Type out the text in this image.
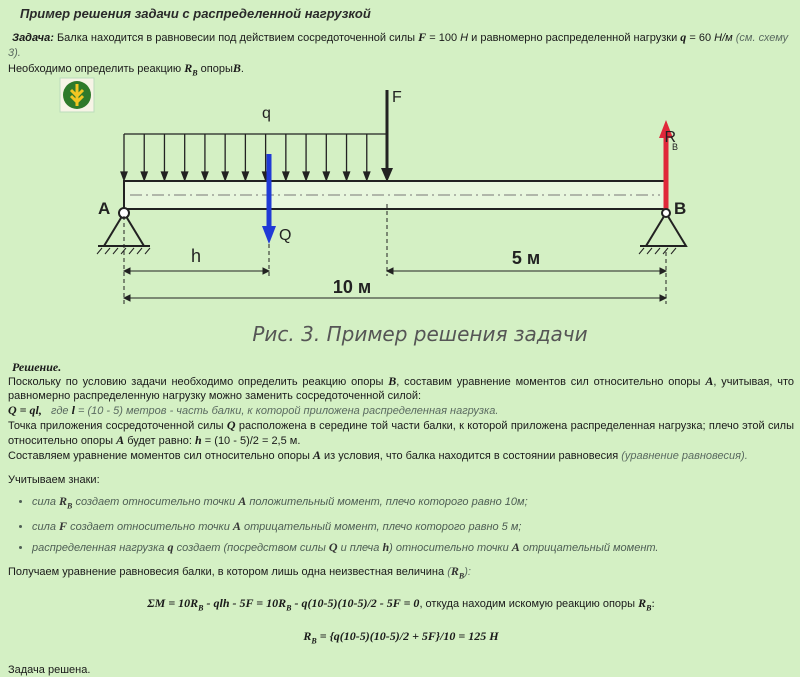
Пример решения задачи с распределенной нагрузкой
Задача: Балка находится в равновесии под действием сосредоточенной силы F = 100 Н и равномерно распределенной нагрузки q = 60 Н/м (см. схему 3).
Необходимо определить реакцию $R_B$ опорыB.
q
F
Q
R
B
A	B
h	5 м
10 м
Рис. 3. Пример решения задачи
Решение.
Поскольку по условию задачи необходимо определить реакцию опоры B, составим уравнение моментов сил относительно опоры A, учитывая, что равномерно распределенную нагрузку можно заменить сосредоточенной силой:
Q = ql, где l = (10 - 5) метров - часть балки, к которой приложена распределенная нагрузка.
Точка приложения сосредоточенной силы Q расположена в середине той части балки, к которой приложена распределенная нагрузка; плечо этой силы относительно опоры A будет равно: h = (10 - 5)/2 = 2,5 м.
Составляем уравнение моментов сил относительно опоры A из условия, что балка находится в состоянии равновесия (уравнение равновесия).
Учитываем знаки:
• сила $R_B$ создает относительно точки A положительный момент, плечо которого равно 10м;
• сила F создает относительно точки A отрицательный момент, плечо которого равно 5 м;
• распределенная нагрузка q создает (посредством силы Q и плеча h) относительно точки A отрицательный момент.
Получаем уравнение равновесия балки, в котором лишь одна неизвестная величина $(R_B)$:
$\Sigma M = 10R_B$ - qlh - $5F = 10R_B - q(10-5)(10-5)/2 - 5F = 0$, откуда находим искомую реакцию опоры $R_B$:
$R_B = \{q(10-5)(10-5)/2 + 5F\}/10 = 125$ Н
Задача решена.
